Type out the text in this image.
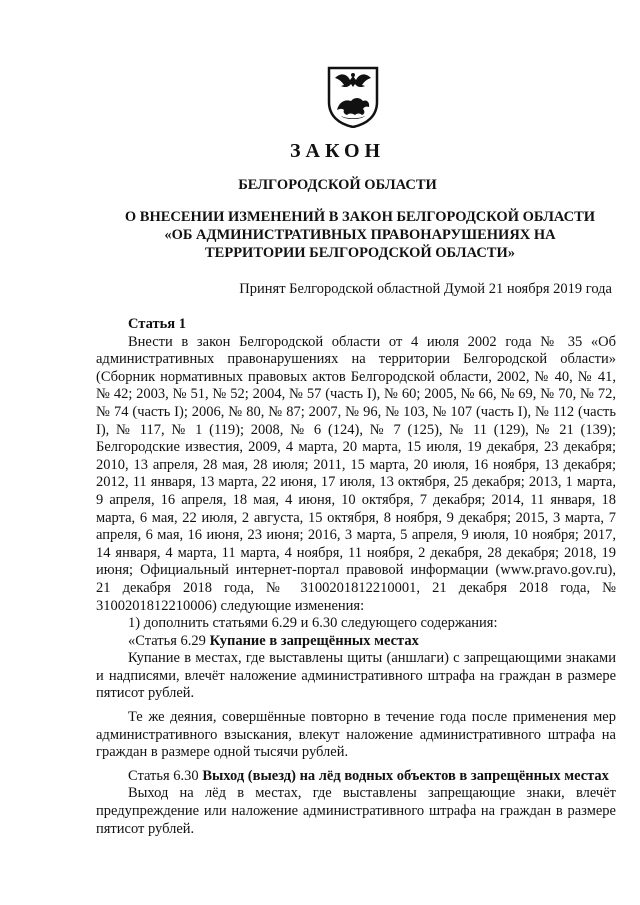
ЗАКОН
БЕЛГОРОДСКОЙ ОБЛАСТИ
О ВНЕСЕНИИ ИЗМЕНЕНИЙ В ЗАКОН БЕЛГОРОДСКОЙ ОБЛАСТИ
«ОБ АДМИНИСТРАТИВНЫХ ПРАВОНАРУШЕНИЯХ НА
ТЕРРИТОРИИ БЕЛГОРОДСКОЙ ОБЛАСТИ»
Принят Белгородской областной Думой 21 ноября 2019 года

Статья 1

Внести в закон Белгородской области от 4 июля 2002 года № 35 «Об административных правонарушениях на территории Белгородской области» (Сборник нормативных правовых актов Белгородской области, 2002, № 40, № 41, № 42; 2003, № 51, № 52; 2004, № 57 (часть I), № 60; 2005, № 66, № 69, № 70, № 72, № 74 (часть I); 2006, № 80, № 87; 2007, № 96, № 103, № 107 (часть I), № 112 (часть I), № 117, № 1 (119); 2008, № 6 (124), № 7 (125), № 11 (129), № 21 (139); Белгородские известия, 2009, 4 марта, 20 марта, 15 июля, 19 декабря, 23 декабря; 2010, 13 апреля, 28 мая, 28 июля; 2011, 15 марта, 20 июля, 16 ноября, 13 декабря; 2012, 11 января, 13 марта, 22 июня, 17 июля, 13 октября, 25 декабря; 2013, 1 марта, 9 апреля, 16 апреля, 18 мая, 4 июня, 10 октября, 7 декабря; 2014, 11 января, 18 марта, 6 мая, 22 июля, 2 августа, 15 октября, 8 ноября, 9 декабря; 2015, 3 марта, 7 апреля, 6 мая, 16 июня, 23 июня; 2016, 3 марта, 5 апреля, 9 июля, 10 ноября; 2017, 14 января, 4 марта, 11 марта, 4 ноября, 11 ноября, 2 декабря, 28 декабря; 2018, 19 июня; Официальный интернет-портал правовой информации (www.pravo.gov.ru), 21 декабря 2018 года, № 3100201812210001, 21 декабря 2018 года, № 3100201812210006) следующие изменения:

1) дополнить статьями 6.29 и 6.30 следующего содержания:

«Статья 6.29 Купание в запрещённых местах

Купание в местах, где выставлены щиты (аншлаги) с запрещающими знаками и надписями, влечёт наложение административного штрафа на граждан в размере пятисот рублей.

Те же деяния, совершённые повторно в течение года после применения мер административного взыскания, влекут наложение административного штрафа на граждан в размере одной тысячи рублей.

Статья 6.30 Выход (выезд) на лёд водных объектов в запрещённых местах

Выход на лёд в местах, где выставлены запрещающие знаки, влечёт предупреждение или наложение административного штрафа на граждан в размере пятисот рублей.
